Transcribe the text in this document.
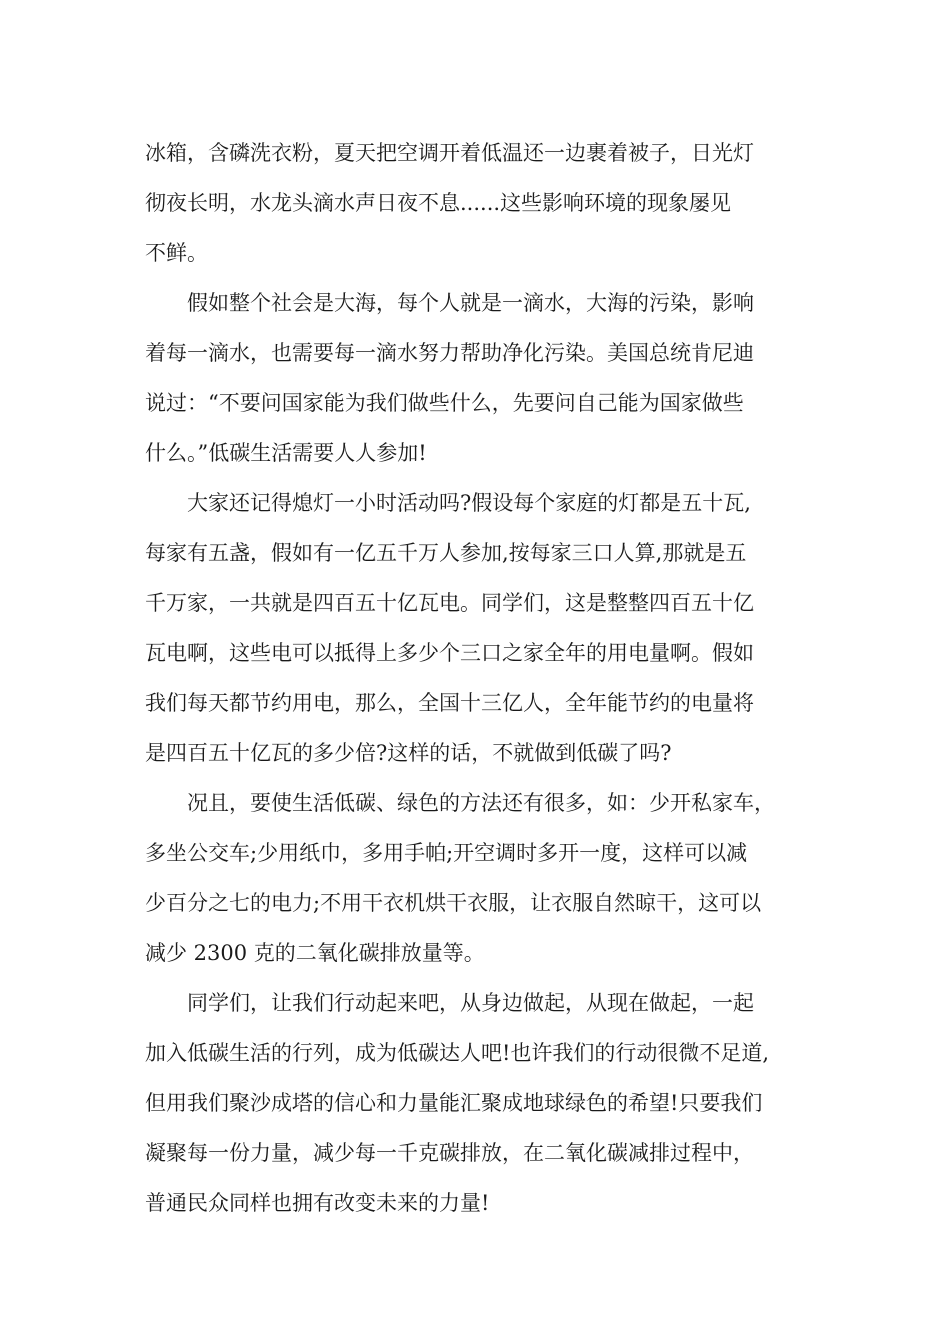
冰箱，含磷洗衣粉，夏天把空调开着低温还一边裹着被子，日光灯
彻夜长明，水龙头滴水声日夜不息......这些影响环境的现象屡见
不鲜。
　　假如整个社会是大海，每个人就是一滴水，大海的污染，影响
着每一滴水，也需要每一滴水努力帮助净化污染。美国总统肯尼迪
说过：“不要问国家能为我们做些什么，先要问自己能为国家做些
什么。”低碳生活需要人人参加!
　　大家还记得熄灯一小时活动吗?假设每个家庭的灯都是五十瓦,
每家有五盏，假如有一亿五千万人参加,按每家三口人算,那就是五
千万家，一共就是四百五十亿瓦电。同学们，这是整整四百五十亿
瓦电啊，这些电可以抵得上多少个三口之家全年的用电量啊。假如
我们每天都节约用电，那么，全国十三亿人，全年能节约的电量将
是四百五十亿瓦的多少倍?这样的话，不就做到低碳了吗?
　　况且，要使生活低碳、绿色的方法还有很多，如：少开私家车，
多坐公交车;少用纸巾，多用手帕;开空调时多开一度，这样可以减
少百分之七的电力;不用干衣机烘干衣服，让衣服自然晾干，这可以
减少 2300 克的二氧化碳排放量等。
　　同学们，让我们行动起来吧，从身边做起，从现在做起，一起
加入低碳生活的行列，成为低碳达人吧!也许我们的行动很微不足道,
但用我们聚沙成塔的信心和力量能汇聚成地球绿色的希望!只要我们
凝聚每一份力量，减少每一千克碳排放，在二氧化碳减排过程中，
普通民众同样也拥有改变未来的力量!
